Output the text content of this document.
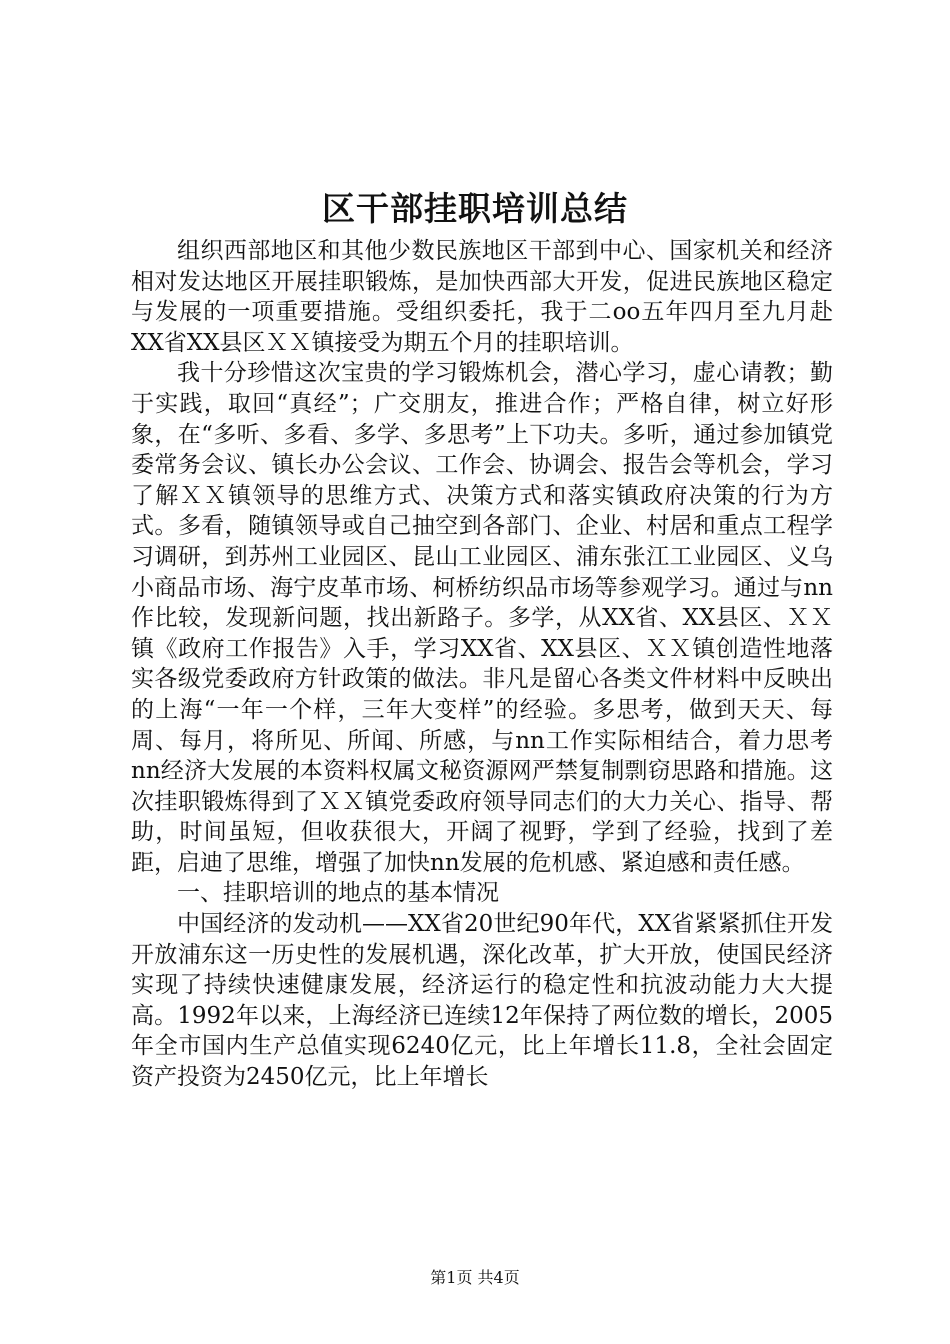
区干部挂职培训总结

组织西部地区和其他少数民族地区干部到中心、国家机关和经济相对发达地区开展挂职锻炼，是加快西部大开发，促进民族地区稳定与发展的一项重要措施。受组织委托，我于二oo五年四月至九月赴XX省XX县区ＸＸ镇接受为期五个月的挂职培训。

我十分珍惜这次宝贵的学习锻炼机会，潜心学习，虚心请教；勤于实践，取回“真经”；广交朋友，推进合作；严格自律，树立好形象，在“多听、多看、多学、多思考”上下功夫。多听，通过参加镇党委常务会议、镇长办公会议、工作会、协调会、报告会等机会，学习了解ＸＸ镇领导的思维方式、决策方式和落实镇政府决策的行为方式。多看，随镇领导或自己抽空到各部门、企业、村居和重点工程学习调研，到苏州工业园区、昆山工业园区、浦东张江工业园区、义乌小商品市场、海宁皮革市场、柯桥纺织品市场等参观学习。通过与nn作比较，发现新问题，找出新路子。多学，从XX省、XX县区、ＸＸ镇《政府工作报告》入手，学习XX省、XX县区、ＸＸ镇创造性地落实各级党委政府方针政策的做法。非凡是留心各类文件材料中反映出的上海“一年一个样，三年大变样”的经验。多思考，做到天天、每周、每月，将所见、所闻、所感，与nn工作实际相结合，着力思考nn经济大发展的本资料权属文秘资源网严禁复制剽窃思路和措施。这次挂职锻炼得到了ＸＸ镇党委政府领导同志们的大力关心、指导、帮助，时间虽短，但收获很大，开阔了视野，学到了经验，找到了差距，启迪了思维，增强了加快nn发展的危机感、紧迫感和责任感。

一、挂职培训的地点的基本情况

中国经济的发动机——XX省20世纪90年代，XX省紧紧抓住开发开放浦东这一历史性的发展机遇，深化改革，扩大开放，使国民经济实现了持续快速健康发展，经济运行的稳定性和抗波动能力大大提高。1992年以来，上海经济已连续12年保持了两位数的增长，2005年全市国内生产总值实现6240亿元，比上年增长11.8，全社会固定资产投资为2450亿元，比上年增长

第1页 共4页
